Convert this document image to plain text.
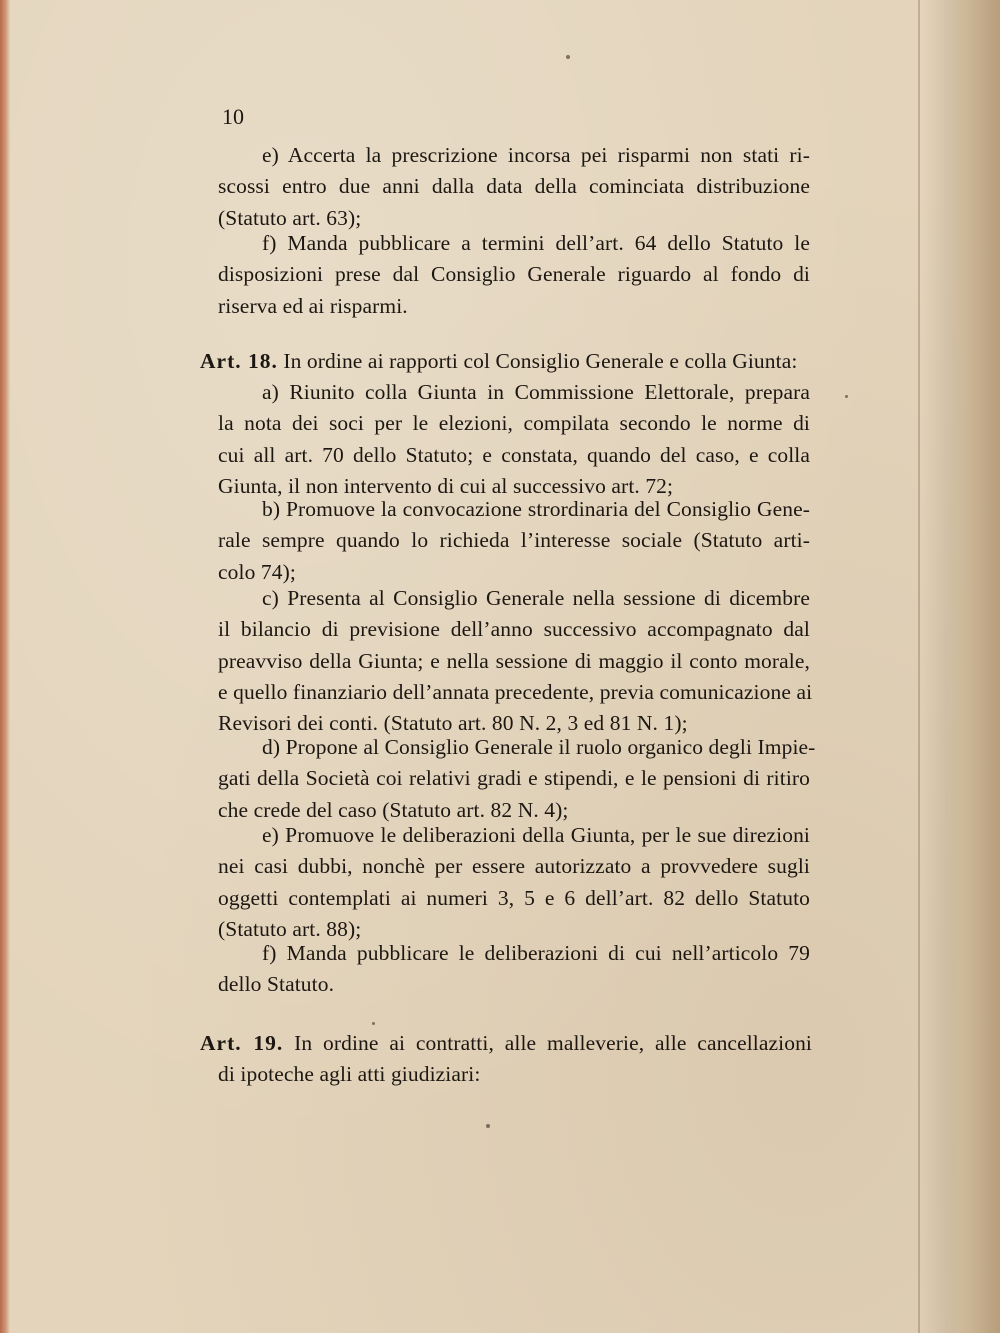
10
e) Accerta la prescrizione incorsa pei risparmi non stati ri-
scossi entro due anni dalla data della cominciata distribuzione
(Statuto art. 63);
f) Manda pubblicare a termini dell’art. 64 dello Statuto le
disposizioni prese dal Consiglio Generale riguardo al fondo di
riserva ed ai risparmi.
Art. 18. In ordine ai rapporti col Consiglio Generale e colla Giunta:
a) Riunito colla Giunta in Commissione Elettorale, prepara
la nota dei soci per le elezioni, compilata secondo le norme di
cui all art. 70 dello Statuto; e constata, quando del caso, e colla
Giunta, il non intervento di cui al successivo art. 72;
b) Promuove la convocazione strordinaria del Consiglio Gene-
rale sempre quando lo richieda l’interesse sociale (Statuto arti-
colo 74);
c) Presenta al Consiglio Generale nella sessione di dicembre
il bilancio di previsione dell’anno successivo accompagnato dal
preavviso della Giunta; e nella sessione di maggio il conto morale,
e quello finanziario dell’annata precedente, previa comunicazione ai
Revisori dei conti. (Statuto art. 80 N. 2, 3 ed 81 N. 1);
d) Propone al Consiglio Generale il ruolo organico degli Impie-
gati della Società coi relativi gradi e stipendi, e le pensioni di ritiro
che crede del caso (Statuto art. 82 N. 4);
e) Promuove le deliberazioni della Giunta, per le sue direzioni
nei casi dubbi, nonchè per essere autorizzato a provvedere sugli
oggetti contemplati ai numeri 3, 5 e 6 dell’art. 82 dello Statuto
(Statuto art. 88);
f) Manda pubblicare le deliberazioni di cui nell’articolo 79
dello Statuto.
Art. 19. In ordine ai contratti, alle malleverie, alle cancellazioni
di ipoteche agli atti giudiziari:
